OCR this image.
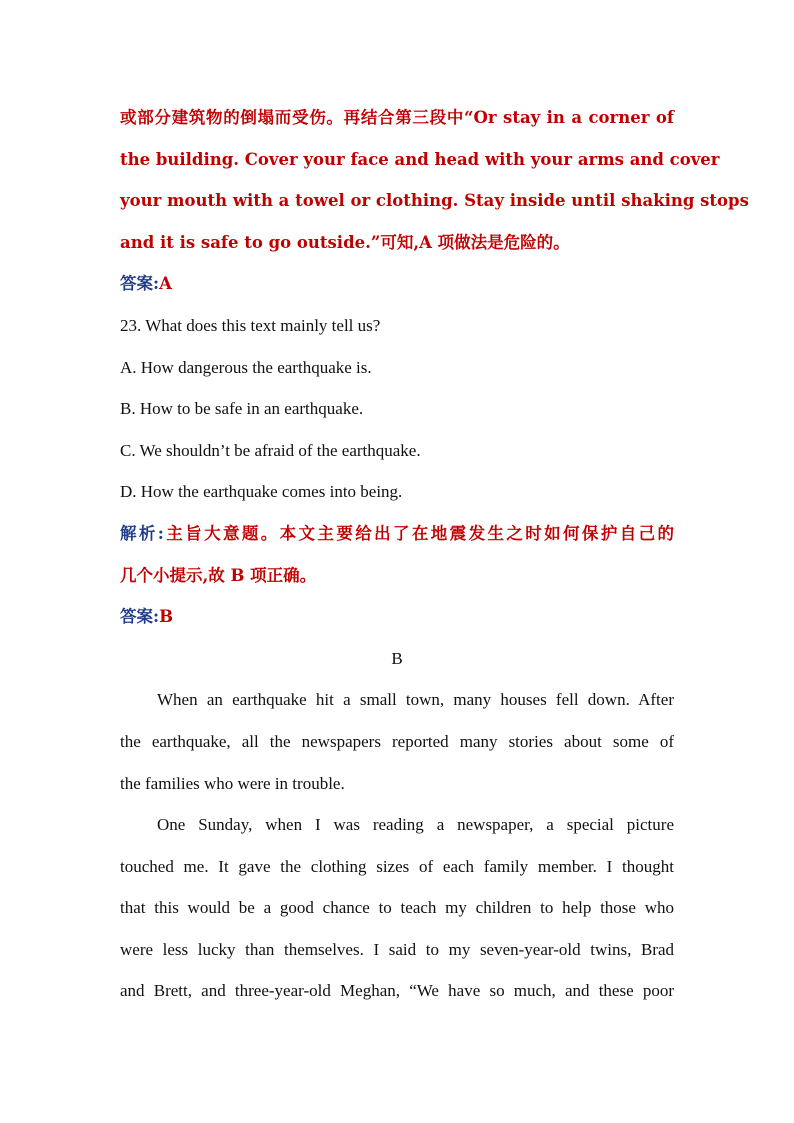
或部分建筑物的倒塌而受伤。再结合第三段中“Or stay in a corner of
the building. Cover your face and head with your arms and cover
your mouth with a towel or clothing. Stay inside until shaking stops
and it is safe to go outside.”可知,A 项做法是危险的。
答案:A
23. What does this text mainly tell us?
A. How dangerous the earthquake is.
B. How to be safe in an earthquake.
C. We shouldn’t be afraid of the earthquake.
D. How the earthquake comes into being.
解析:主旨大意题。本文主要给出了在地震发生之时如何保护自己的
几个小提示,故 B 项正确。
答案:B
B
When an earthquake hit a small town, many houses fell down. After
the earthquake, all the newspapers reported many stories about some of
the families who were in trouble.
One Sunday, when I was reading a newspaper, a special picture
touched me. It gave the clothing sizes of each family member. I thought
that this would be a good chance to teach my children to help those who
were less lucky than themselves. I said to my seven-year-old twins, Brad
and Brett, and three-year-old Meghan, “We have so much, and these poor
